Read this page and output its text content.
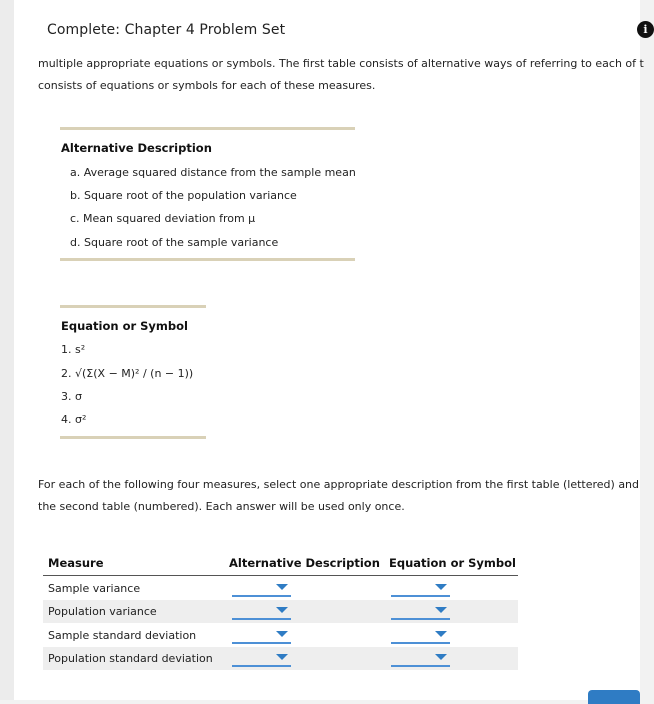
Complete: Chapter 4 Problem Set	i
multiple appropriate equations or symbols. The first table consists of alternative ways of referring to each of t
consists of equations or symbols for each of these measures.
Alternative Description
a. Average squared distance from the sample mean
b. Square root of the population variance
c. Mean squared deviation from μ
d. Square root of the sample variance
Equation or Symbol
1. s²
2. √(Σ(X − M)² / (n − 1))
3. σ
4. σ²
For each of the following four measures, select one appropriate description from the first table (lettered) and
the second table (numbered). Each answer will be used only once.
Measure	Alternative Description Equation or Symbol
Sample variance
Population variance
Sample standard deviation
Population standard deviation
